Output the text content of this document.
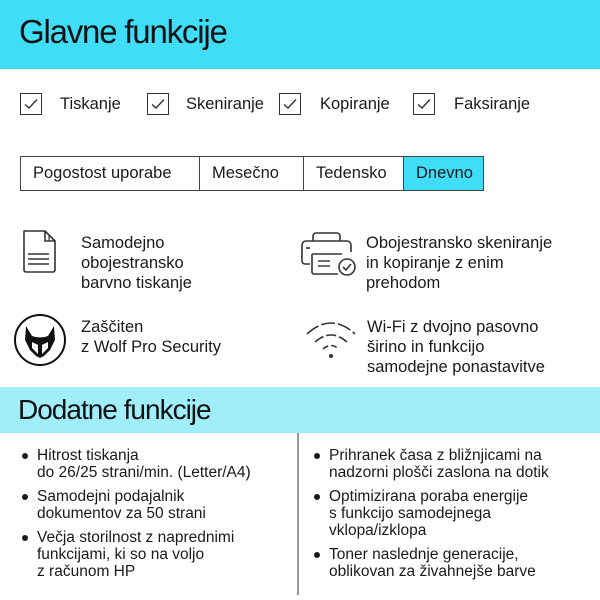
Glavne funkcije
Tiskanje	Skeniranje	Kopiranje	Faksiranje
Pogostost uporabe	Mesečno	Tedensko	Dnevno
Samodejno
obojestransko
barvno tiskanje
Obojestransko skeniranje
in kopiranje z enim
prehodom
Zaščiten
z Wolf Pro Security
Wi-Fi z dvojno pasovno
širino in funkcijo
samodejne ponastavitve
Dodatne funkcije
Hitrost tiskanja
do 26/25 strani/min. (Letter/A4)
Samodejni podajalnik
dokumentov za 50 strani
Večja storilnost z naprednimi
funkcijami, ki so na voljo
z računom HP
Prihranek časa z bližnjicami na
nadzorni plošči zaslona na dotik
Optimizirana poraba energije
s funkcijo samodejnega
vklopa/izklopa
Toner naslednje generacije,
oblikovan za živahnejše barve
